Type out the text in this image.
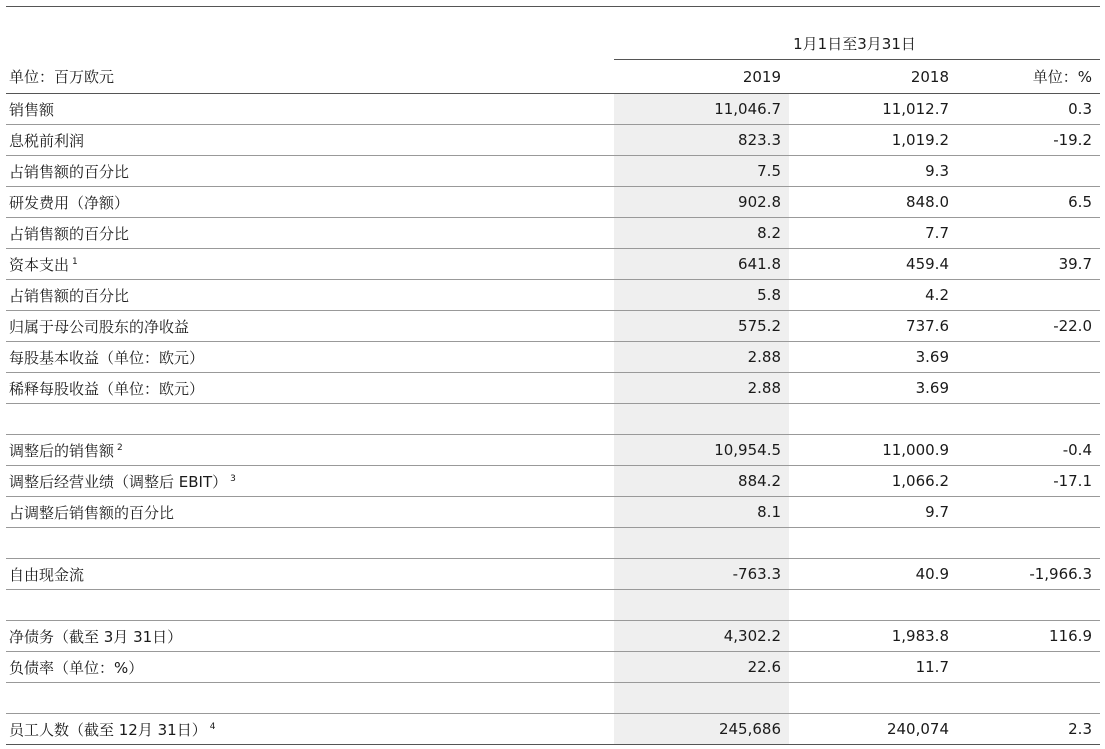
	1月1日至3月31日		
单位：百万欧元	2019	2018	单位：%
销售额	11,046.7	11,012.7	0.3
息税前利润	823.3	1,019.2	-19.2
占销售额的百分比	7.5	9.3	
研发费用（净额）	902.8	848.0	6.5
占销售额的百分比	8.2	7.7	
资本支出 $^1$	641.8	459.4	39.7
占销售额的百分比	5.8	4.2	
归属于母公司股东的净收益	575.2	737.6	-22.0
每股基本收益（单位：欧元）	2.88	3.69	
稀释每股收益（单位：欧元）	2.88	3.69	

调整后的销售额 $^2$	10,954.5	11,000.9	-0.4
调整后经营业绩（调整后 EBIT） $^3$	884.2	1,066.2	-17.1
占调整后销售额的百分比	8.1	9.7	

自由现金流	-763.3	40.9	-1,966.3

净债务（截至 3月 31日）	4,302.2	1,983.8	116.9
负债率（单位：%）	22.6	11.7	

员工人数（截至 12月 31日） $^4$	245,686	240,074	2.3
